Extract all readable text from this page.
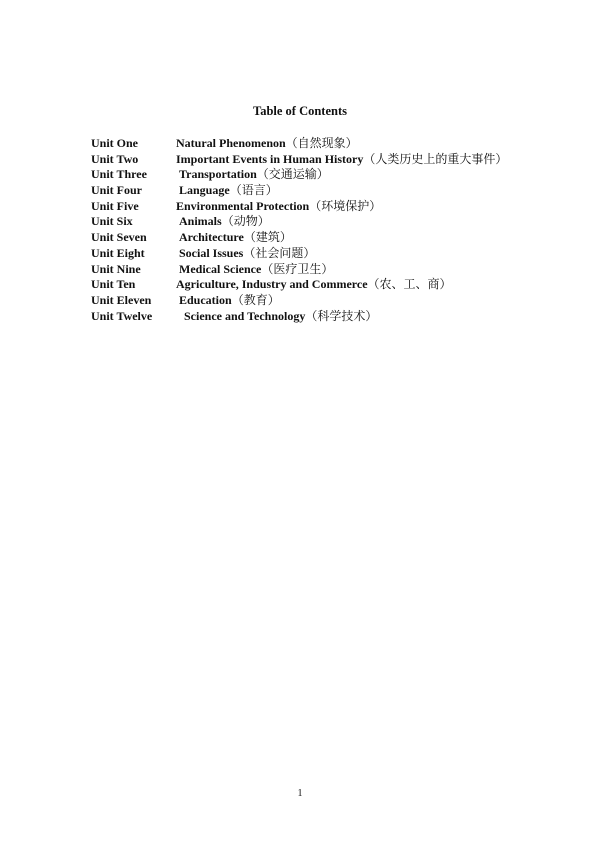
Table of Contents
Unit One	Natural Phenomenon（自然现象）
Unit Two	Important Events in Human History（人类历史上的重大事件）
Unit Three	Transportation（交通运输）
Unit Four	Language（语言）
Unit Five	Environmental Protection（环境保护）
Unit Six	Animals（动物）
Unit Seven	Architecture（建筑）
Unit Eight	Social Issues（社会问题）
Unit Nine	Medical Science（医疗卫生）
Unit Ten	Agriculture, Industry and Commerce（农、工、商）
Unit Eleven Education（教育）
Unit Twelve	Science and Technology（科学技术）

1
